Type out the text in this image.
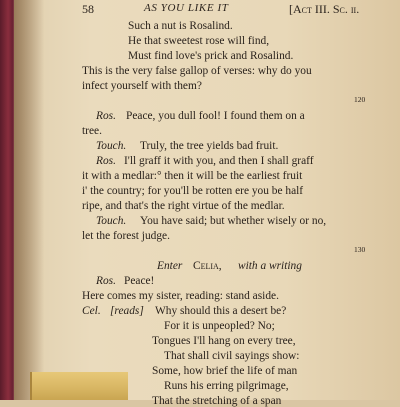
58	AS YOU LIKE IT	[Act III. Sc. ii.
Such a nut is Rosalind.
He that sweetest rose will find,
Must find love's prick and Rosalind.
This is the very false gallop of verses: why do you
infect yourself with them?
120
Ros. Peace, you dull fool! I found them on a
tree.
Touch. Truly, the tree yields bad fruit.
Ros. I'll graff it with you, and then I shall graff
it with a medlar:° then it will be the earliest fruit
i' the country; for you'll be rotten ere you be half
ripe, and that's the right virtue of the medlar.
Touch. You have said; but whether wisely or no,
let the forest judge.
130
Enter Celia, with a writing
Ros. Peace!
Here comes my sister, reading: stand aside.
Cel. [reads] Why should this a desert be?
For it is unpeopled? No;
Tongues I'll hang on every tree,
That shall civil sayings show:
Some, how brief the life of man
Runs his erring pilgrimage,
That the stretching of a span
